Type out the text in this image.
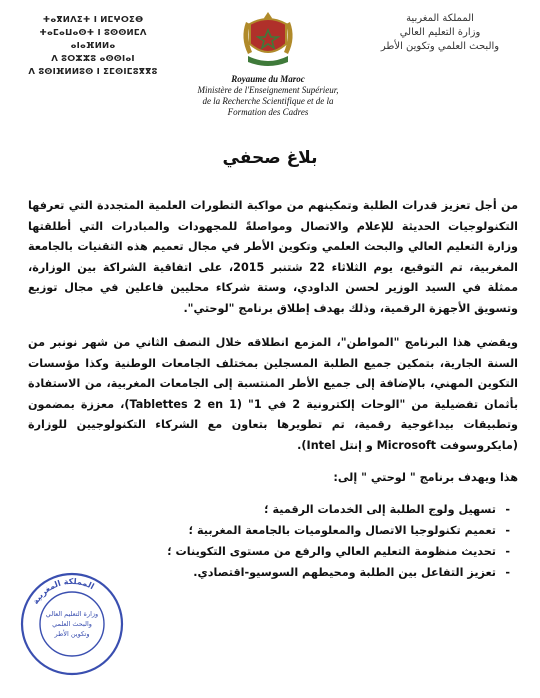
ⵜⴰⴳⵍⴷⵉⵜ ⵏ ⵍⵎⵖⵔⵉⴱ
ⵜⴰⵎⴰⵡⴰⵙⵜ ⵏ ⵓⵙⵙⵍⵎⴷ ⴰⵏⴰⴼⵍⵍⴰ
ⴷ ⵓⵔⵣⵣⵓ ⴰⵙⵙⵏⴰⵏ
ⴷ ⵓⵙⵏⴼⵍⵍⵓⵙ ⵏ ⵉⵎⵙⵏⵎⵓⴳⴳⵓ
المملكة المغربية
وزارة التعليم العالي
والبحث العلمي وتكوين الأطر
Royaume du Maroc
Ministère de l'Enseignement Supérieur,
de la Recherche Scientifique et de la
Formation des Cadres
بلاغ صحفي

من أجل تعزيز قدرات الطلبة وتمكينهم من مواكبة التطورات العلمية المتجددة التي تعرفها التكنولوجيات الحديثة للإعلام والاتصال ومواصلةً للمجهودات والمبادرات التي أطلقتها وزارة التعليم العالي والبحث العلمي وتكوين الأطر في مجال تعميم هذه التقنيات بالجامعة المغربية، تم التوقيع، يوم الثلاثاء 22 شتنبر 2015، على اتفاقية الشراكة بين الوزارة، ممثلة في السيد الوزير لحسن الداودي، وستة شركاء محليين فاعلين في مجال توزيع وتسويق الأجهزة الرقمية، وذلك بهدف إطلاق برنامج "لوحتي".

ويقضي هذا البرنامج "المواطن"، المزمع انطلاقه خلال النصف الثاني من شهر نونبر من السنة الجارية، بتمكين جميع الطلبة المسجلين بمختلف الجامعات الوطنية وكذا مؤسسات التكوين المهني، بالإضافة إلى جميع الأطر المنتسبة إلى الجامعات المغربية، من الاستفادة بأثمان تفضيلية من "الوحات إلكترونية 2 في 1" (Tablettes 2 en 1)، معززة بمضمون وتطبيقات بيداغوجية رقمية، تم تطويرها بتعاون مع الشركاء التكنولوجيين للوزارة (مايكروسوفت Microsoft و إنتل Intel).

هذا ويهدف برنامج " لوحتي " إلى:

- تسهيل ولوج الطلبة إلى الخدمات الرقمية ؛
- تعميم تكنولوجيا الاتصال والمعلوميات بالجامعة المغربية ؛
- تحديث منظومة التعليم العالي والرفع من مستوى التكوينات ؛
- تعزيز التفاعل بين الطلبة ومحيطهم السوسيو-اقتصادي.
المملكة المغربية
وزارة التعليم العالي
والبحث العلمي
وتكوين الأطر
